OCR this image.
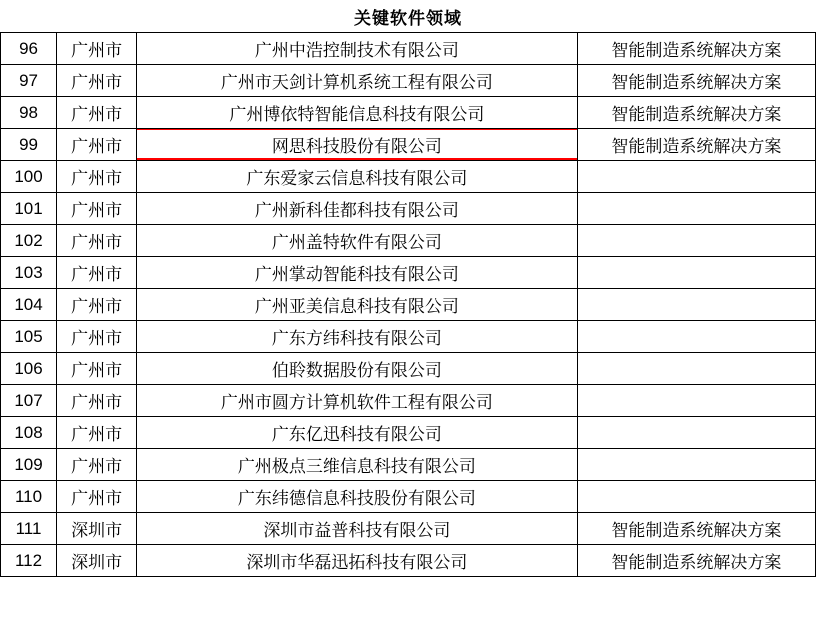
关键软件领域
96	广州市	广州中浩控制技术有限公司	智能制造系统解决方案
97	广州市	广州市天剑计算机系统工程有限公司	智能制造系统解决方案
98	广州市	广州博依特智能信息科技有限公司	智能制造系统解决方案
99	广州市	网思科技股份有限公司	智能制造系统解决方案
100	广州市	广东爱家云信息科技有限公司	
101	广州市	广州新科佳都科技有限公司	
102	广州市	广州盖特软件有限公司	
103	广州市	广州掌动智能科技有限公司	
104	广州市	广州亚美信息科技有限公司	
105	广州市	广东方纬科技有限公司	
106	广州市	伯聆数据股份有限公司	
107	广州市	广州市圆方计算机软件工程有限公司	
108	广州市	广东亿迅科技有限公司	
109	广州市	广州极点三维信息科技有限公司	
110	广州市	广东纬德信息科技股份有限公司	
111	深圳市	深圳市益普科技有限公司	智能制造系统解决方案
112	深圳市	深圳市华磊迅拓科技有限公司	智能制造系统解决方案
